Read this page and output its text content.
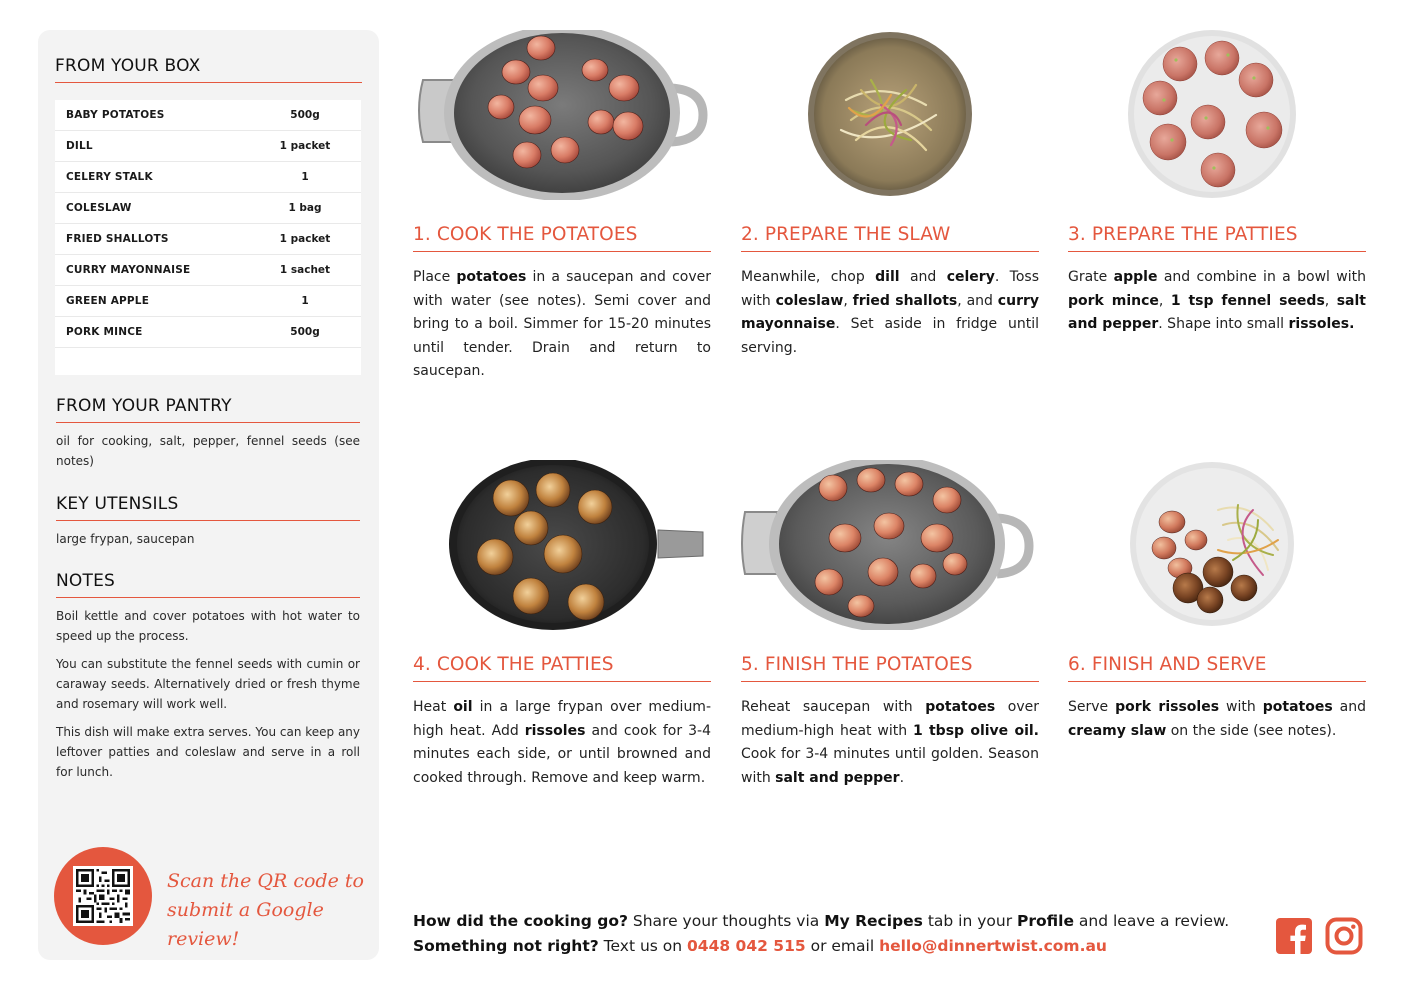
FROM YOUR BOX
BABY POTATOES	500g
DILL	1 packet
CELERY STALK	1
COLESLAW	1 bag
FRIED SHALLOTS	1 packet
CURRY MAYONNAISE	1 sachet
GREEN APPLE	1
PORK MINCE	500g
FROM YOUR PANTRY

oil for cooking, salt, pepper, fennel seeds (see notes)

KEY UTENSILS

large frypan, saucepan

NOTES

Boil kettle and cover potatoes with hot water to speed up the process.

You can substitute the fennel seeds with cumin or caraway seeds. Alternatively dried or fresh thyme and rosemary will work well.

This dish will make extra serves. You can keep any leftover patties and coleslaw and serve in a roll for lunch.

Scan the QR code to
submit a Google review!
1. COOK THE POTATOES

Place potatoes in a saucepan and cover with water (see notes). Semi cover and bring to a boil. Simmer for 15-20 minutes until tender. Drain and return to saucepan.

2. PREPARE THE SLAW

Meanwhile, chop dill and celery. Toss with coleslaw, fried shallots, and curry mayonnaise. Set aside in fridge until serving.

3. PREPARE THE PATTIES

Grate apple and combine in a bowl with pork mince, 1 tsp fennel seeds, salt and pepper. Shape into small rissoles.

4. COOK THE PATTIES

Heat oil in a large frypan over medium-high heat. Add rissoles and cook for 3-4 minutes each side, or until browned and cooked through. Remove and keep warm.

5. FINISH THE POTATOES

Reheat saucepan with potatoes over medium-high heat with 1 tbsp olive oil. Cook for 3-4 minutes until golden. Season with salt and pepper.

6. FINISH AND SERVE

Serve pork rissoles with potatoes and creamy slaw on the side (see notes).

How did the cooking go? Share your thoughts via My Recipes tab in your Profile and leave a review.
Something not right? Text us on 0448 042 515 or email hello@dinnertwist.com.au
